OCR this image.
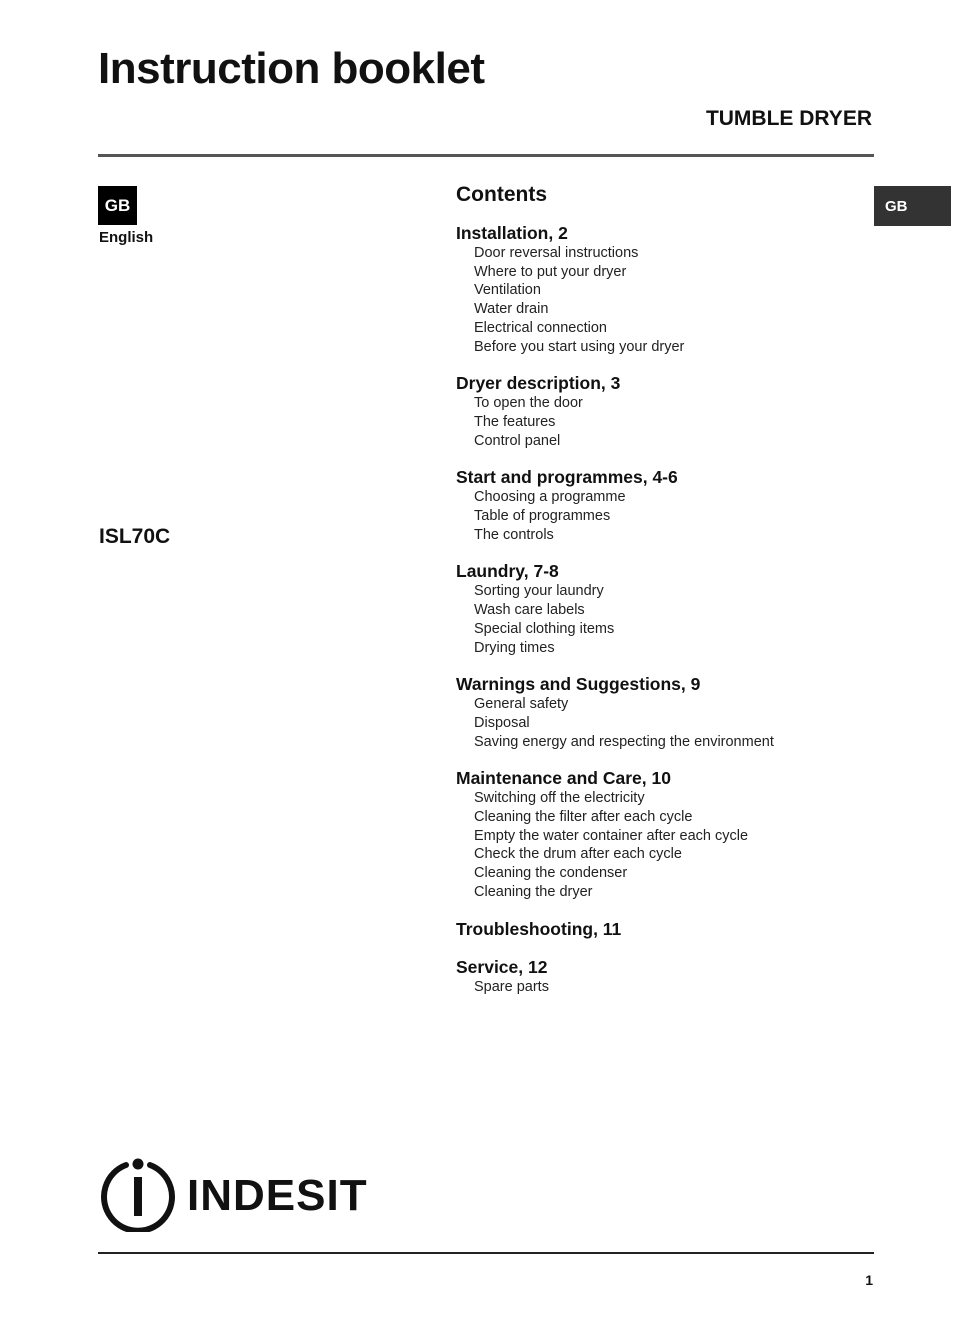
Instruction booklet
TUMBLE DRYER
GB
English
GB
ISL70C
Contents
Installation, 2
Door reversal instructions
Where to put your dryer
Ventilation
Water drain
Electrical connection
Before you start using your dryer
Dryer description, 3
To open the door
The features
Control panel
Start and programmes, 4-6
Choosing a programme
Table of programmes
The controls
Laundry, 7-8
Sorting your laundry
Wash care labels
Special clothing items
Drying times
Warnings and Suggestions, 9
General safety
Disposal
Saving energy and respecting the environment
Maintenance and Care, 10
Switching off the electricity
Cleaning the filter after each cycle
Empty the water container after each cycle
Check the drum after each cycle
Cleaning the condenser
Cleaning the dryer
Troubleshooting, 11
Service, 12
Spare parts
INDESIT
1
